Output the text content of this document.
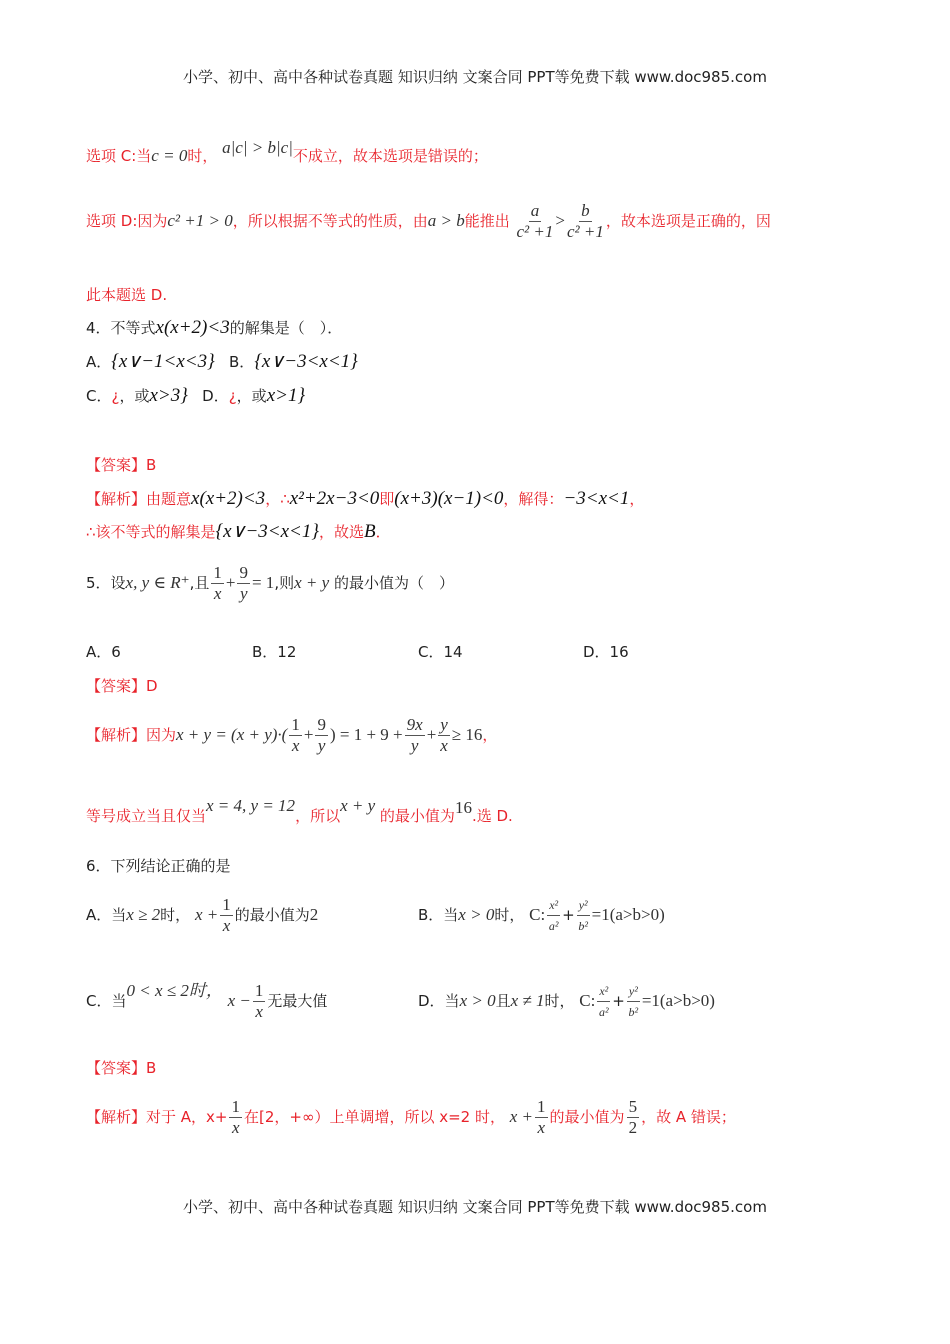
小学、初中、高中各种试卷真题 知识归纳 文案合同 PPT等免费下载 www.doc985.com
选项 C:当c = 0时， a|c| > b|c|不成立，故本选项是错误的；
选项 D:因为c² +1 > 0，所以根据不等式的性质，由a > b能推出 $\frac{a}{\text{c² +1}} > \frac{b}{\text{c² +1}}$ ，故本选项是正确的，因
此本题选 D.
4．不等式x(x+2)<3的解集是（　）．
A．{x∨−1<x<3} B．{x∨−3<x<1}
C．¿，或x>3} D．¿，或x>1}
【答案】B
【解析】由题意x(x+2)<3，∴x²+2x−3<0即(x+3)(x−1)<0，解得：−3<x<1，
∴该不等式的解集是{x∨−3<x<1}，故选B．
5．设x, y ∈ R⁺,且 $\frac{1}{x} + \frac{9}{y} = 1$,则x + y 的最小值为（　）
A．6	B．12	C．14	D．16
【答案】D
【解析】因为$x + y = (x + y)\cdot( \frac{1}{x} + \frac{9}{y}$ ) = $1 + 9 + \frac{9x}{y} + \frac{y}{x} \ge 16$，
等号成立当且仅当x = 4, y = 12，所以x + y 的最小值为16.选 D.
6．下列结论正确的是
A．当x ≥ 2时， $x + \frac{1}{x}$ 的最小值为2	B．当x > 0时， C: $\frac{\text{x²}}{\text{a²}} + \frac{\text{y²}}{\text{b²}} =1(a>b>0)$
C．当0 < x ≤ 2时， $x - \frac{1}{x}$ 无最大值	D．当x > 0且x ≠ 1时， C: $\frac{\text{x²}}{\text{a²}} + \frac{\text{y²}}{\text{b²}} =1(a>b>0)$
【答案】B
【解析】对于 A，$x+ \frac{1}{x}$ 在[2，+∞）上单调增，所以 x=2 时， $x + \frac{1}{x}$ 的最小值为 $\frac{5}{2}$ ，故 A 错误；
小学、初中、高中各种试卷真题 知识归纳 文案合同 PPT等免费下载 www.doc985.com
